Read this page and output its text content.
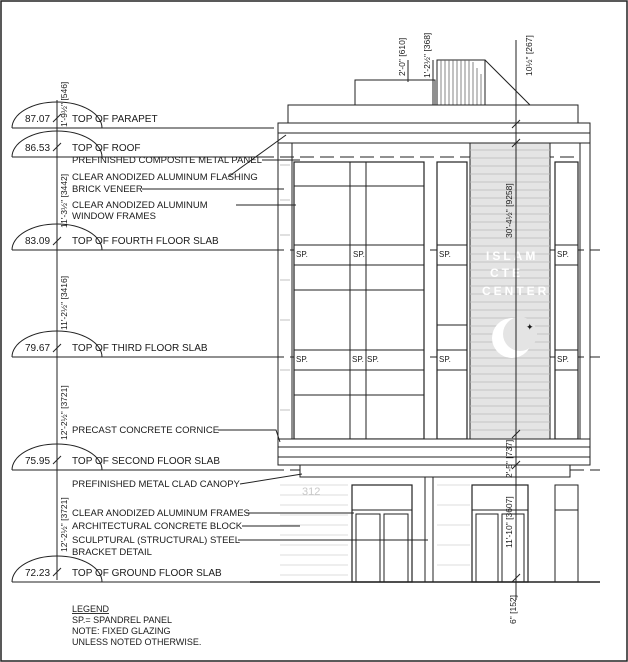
87.07
86.53
83.09
79.67
75.95
72.23
TOP OF PARAPET
TOP OF ROOF
TOP OF FOURTH FLOOR SLAB
TOP OF THIRD FLOOR SLAB
TOP OF SECOND FLOOR SLAB
TOP OF GROUND FLOOR SLAB
1'-9½" [546]
11'-3½" [3442]
11'-2½" [3416]
12'-2½" [3721]
12'-2½" [3721]
SP.	SP.	SP.	SP.
SP.	SP. SP.	SP.	SP.
ISLAM
CTE
CENTER
✦
312
2'-0" [610] 1'-2½" [368]	10½" [267]
30'-4½" [9258]
2'-5" [737]
11'-10" [3607]
6" [152]
PREFINISHED COMPOSITE METAL PANEL
CLEAR ANODIZED ALUMINUM FLASHING
BRICK VENEER
CLEAR ANODIZED ALUMINUM
WINDOW FRAMES
PRECAST CONCRETE CORNICE
PREFINISHED METAL CLAD CANOPY
CLEAR ANODIZED ALUMINUM FRAMES
ARCHITECTURAL CONCRETE BLOCK
SCULPTURAL (STRUCTURAL) STEEL
BRACKET DETAIL
LEGEND
SP.= SPANDREL PANEL
NOTE: FIXED GLAZING
UNLESS NOTED OTHERWISE.
